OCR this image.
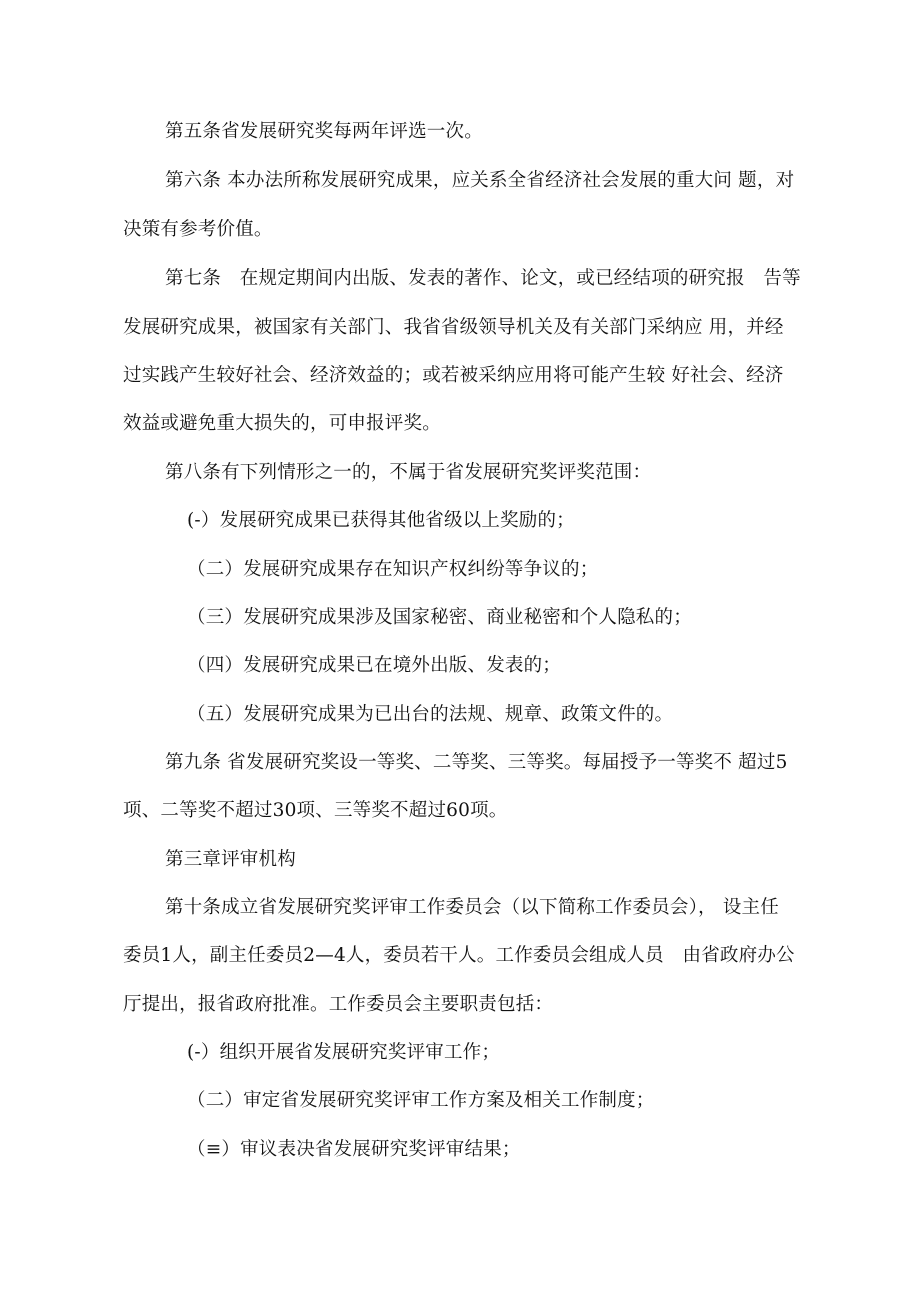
第五条省发展研究奖每两年评选一次。
第六条 本办法所称发展研究成果，应关系全省经济社会发展的重大问 题，对
决策有参考价值。
第七条　在规定期间内出版、发表的著作、论文，或已经结项的研究报　告等
发展研究成果，被国家有关部门、我省省级领导机关及有关部门采纳应 用，并经
过实践产生较好社会、经济效益的；或若被采纳应用将可能产生较 好社会、经济
效益或避免重大损失的，可申报评奖。
第八条有下列情形之一的，不属于省发展研究奖评奖范围：
(-）发展研究成果已获得其他省级以上奖励的；
（二）发展研究成果存在知识产权纠纷等争议的；
（三）发展研究成果涉及国家秘密、商业秘密和个人隐私的；
（四）发展研究成果已在境外出版、发表的；
（五）发展研究成果为已出台的法规、规章、政策文件的。
第九条 省发展研究奖设一等奖、二等奖、三等奖。每届授予一等奖不 超过5
项、二等奖不超过30项、三等奖不超过60项。
第三章评审机构
第十条成立省发展研究奖评审工作委员会（以下简称工作委员会）， 设主任
委员1人，副主任委员2—4人，委员若干人。工作委员会组成人员　由省政府办公
厅提出，报省政府批准。工作委员会主要职责包括：
(-）组织开展省发展研究奖评审工作；
（二）审定省发展研究奖评审工作方案及相关工作制度；
（≡）审议表决省发展研究奖评审结果；
